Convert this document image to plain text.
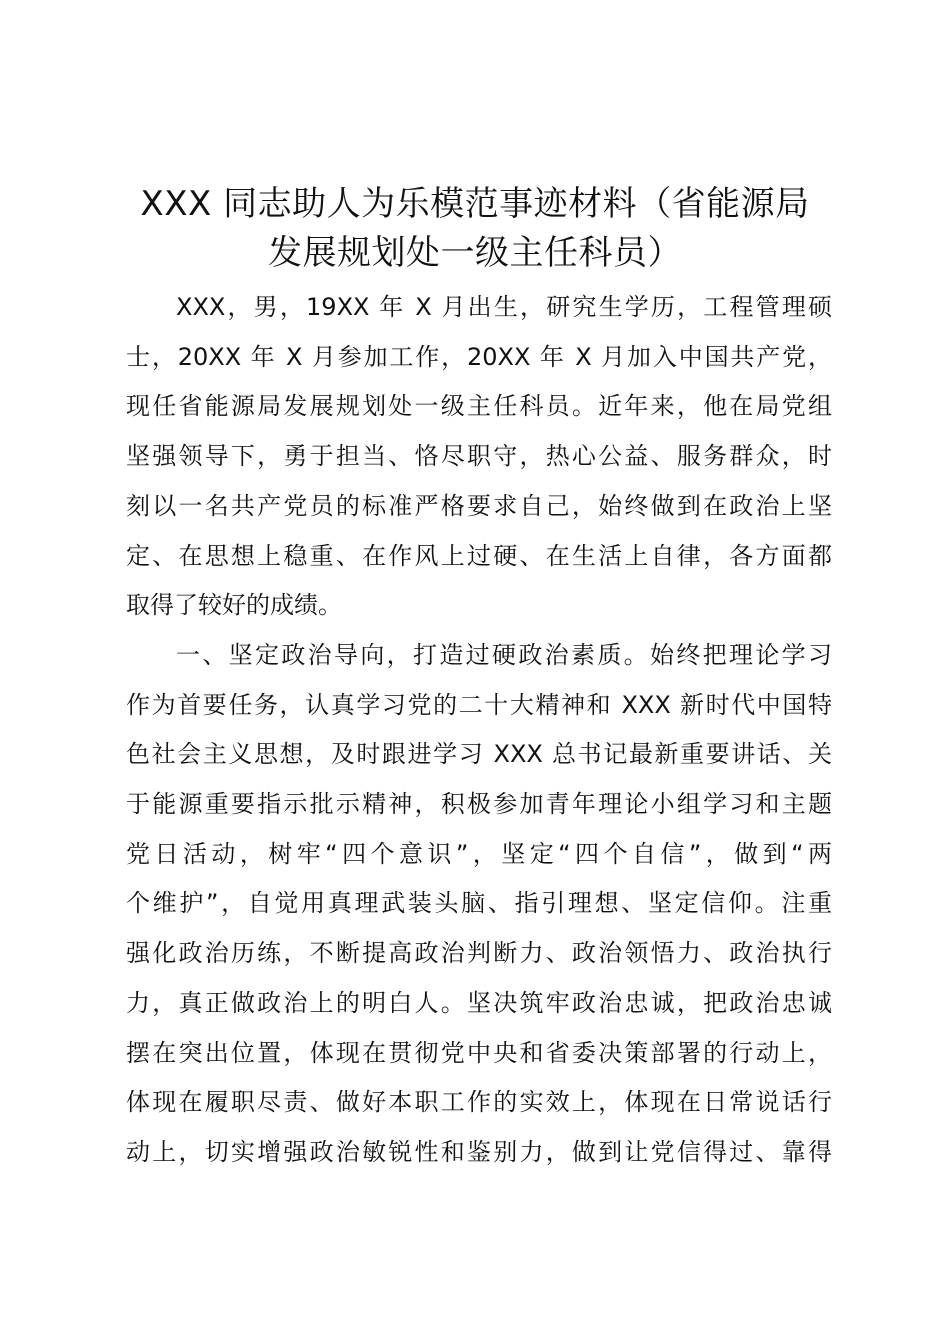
XXX 同志助人为乐模范事迹材料（省能源局
发展规划处一级主任科员）

XXX，男，19XX 年 X 月出生，研究生学历，工程管理硕
士，20XX 年 X 月参加工作，20XX 年 X 月加入中国共产党，
现任省能源局发展规划处一级主任科员。近年来，他在局党组
坚强领导下，勇于担当、恪尽职守，热心公益、服务群众，时
刻以一名共产党员的标准严格要求自己，始终做到在政治上坚
定、在思想上稳重、在作风上过硬、在生活上自律，各方面都
取得了较好的成绩。

一、坚定政治导向，打造过硬政治素质。始终把理论学习
作为首要任务，认真学习党的二十大精神和 XXX 新时代中国特
色社会主义思想，及时跟进学习 XXX 总书记最新重要讲话、关
于能源重要指示批示精神，积极参加青年理论小组学习和主题
党日活动，树牢“四个意识”，坚定“四个自信”，做到“两
个维护”，自觉用真理武装头脑、指引理想、坚定信仰。注重
强化政治历练，不断提高政治判断力、政治领悟力、政治执行
力，真正做政治上的明白人。坚决筑牢政治忠诚，把政治忠诚
摆在突出位置，体现在贯彻党中央和省委决策部署的行动上，
体现在履职尽责、做好本职工作的实效上，体现在日常说话行
动上，切实增强政治敏锐性和鉴别力，做到让党信得过、靠得
